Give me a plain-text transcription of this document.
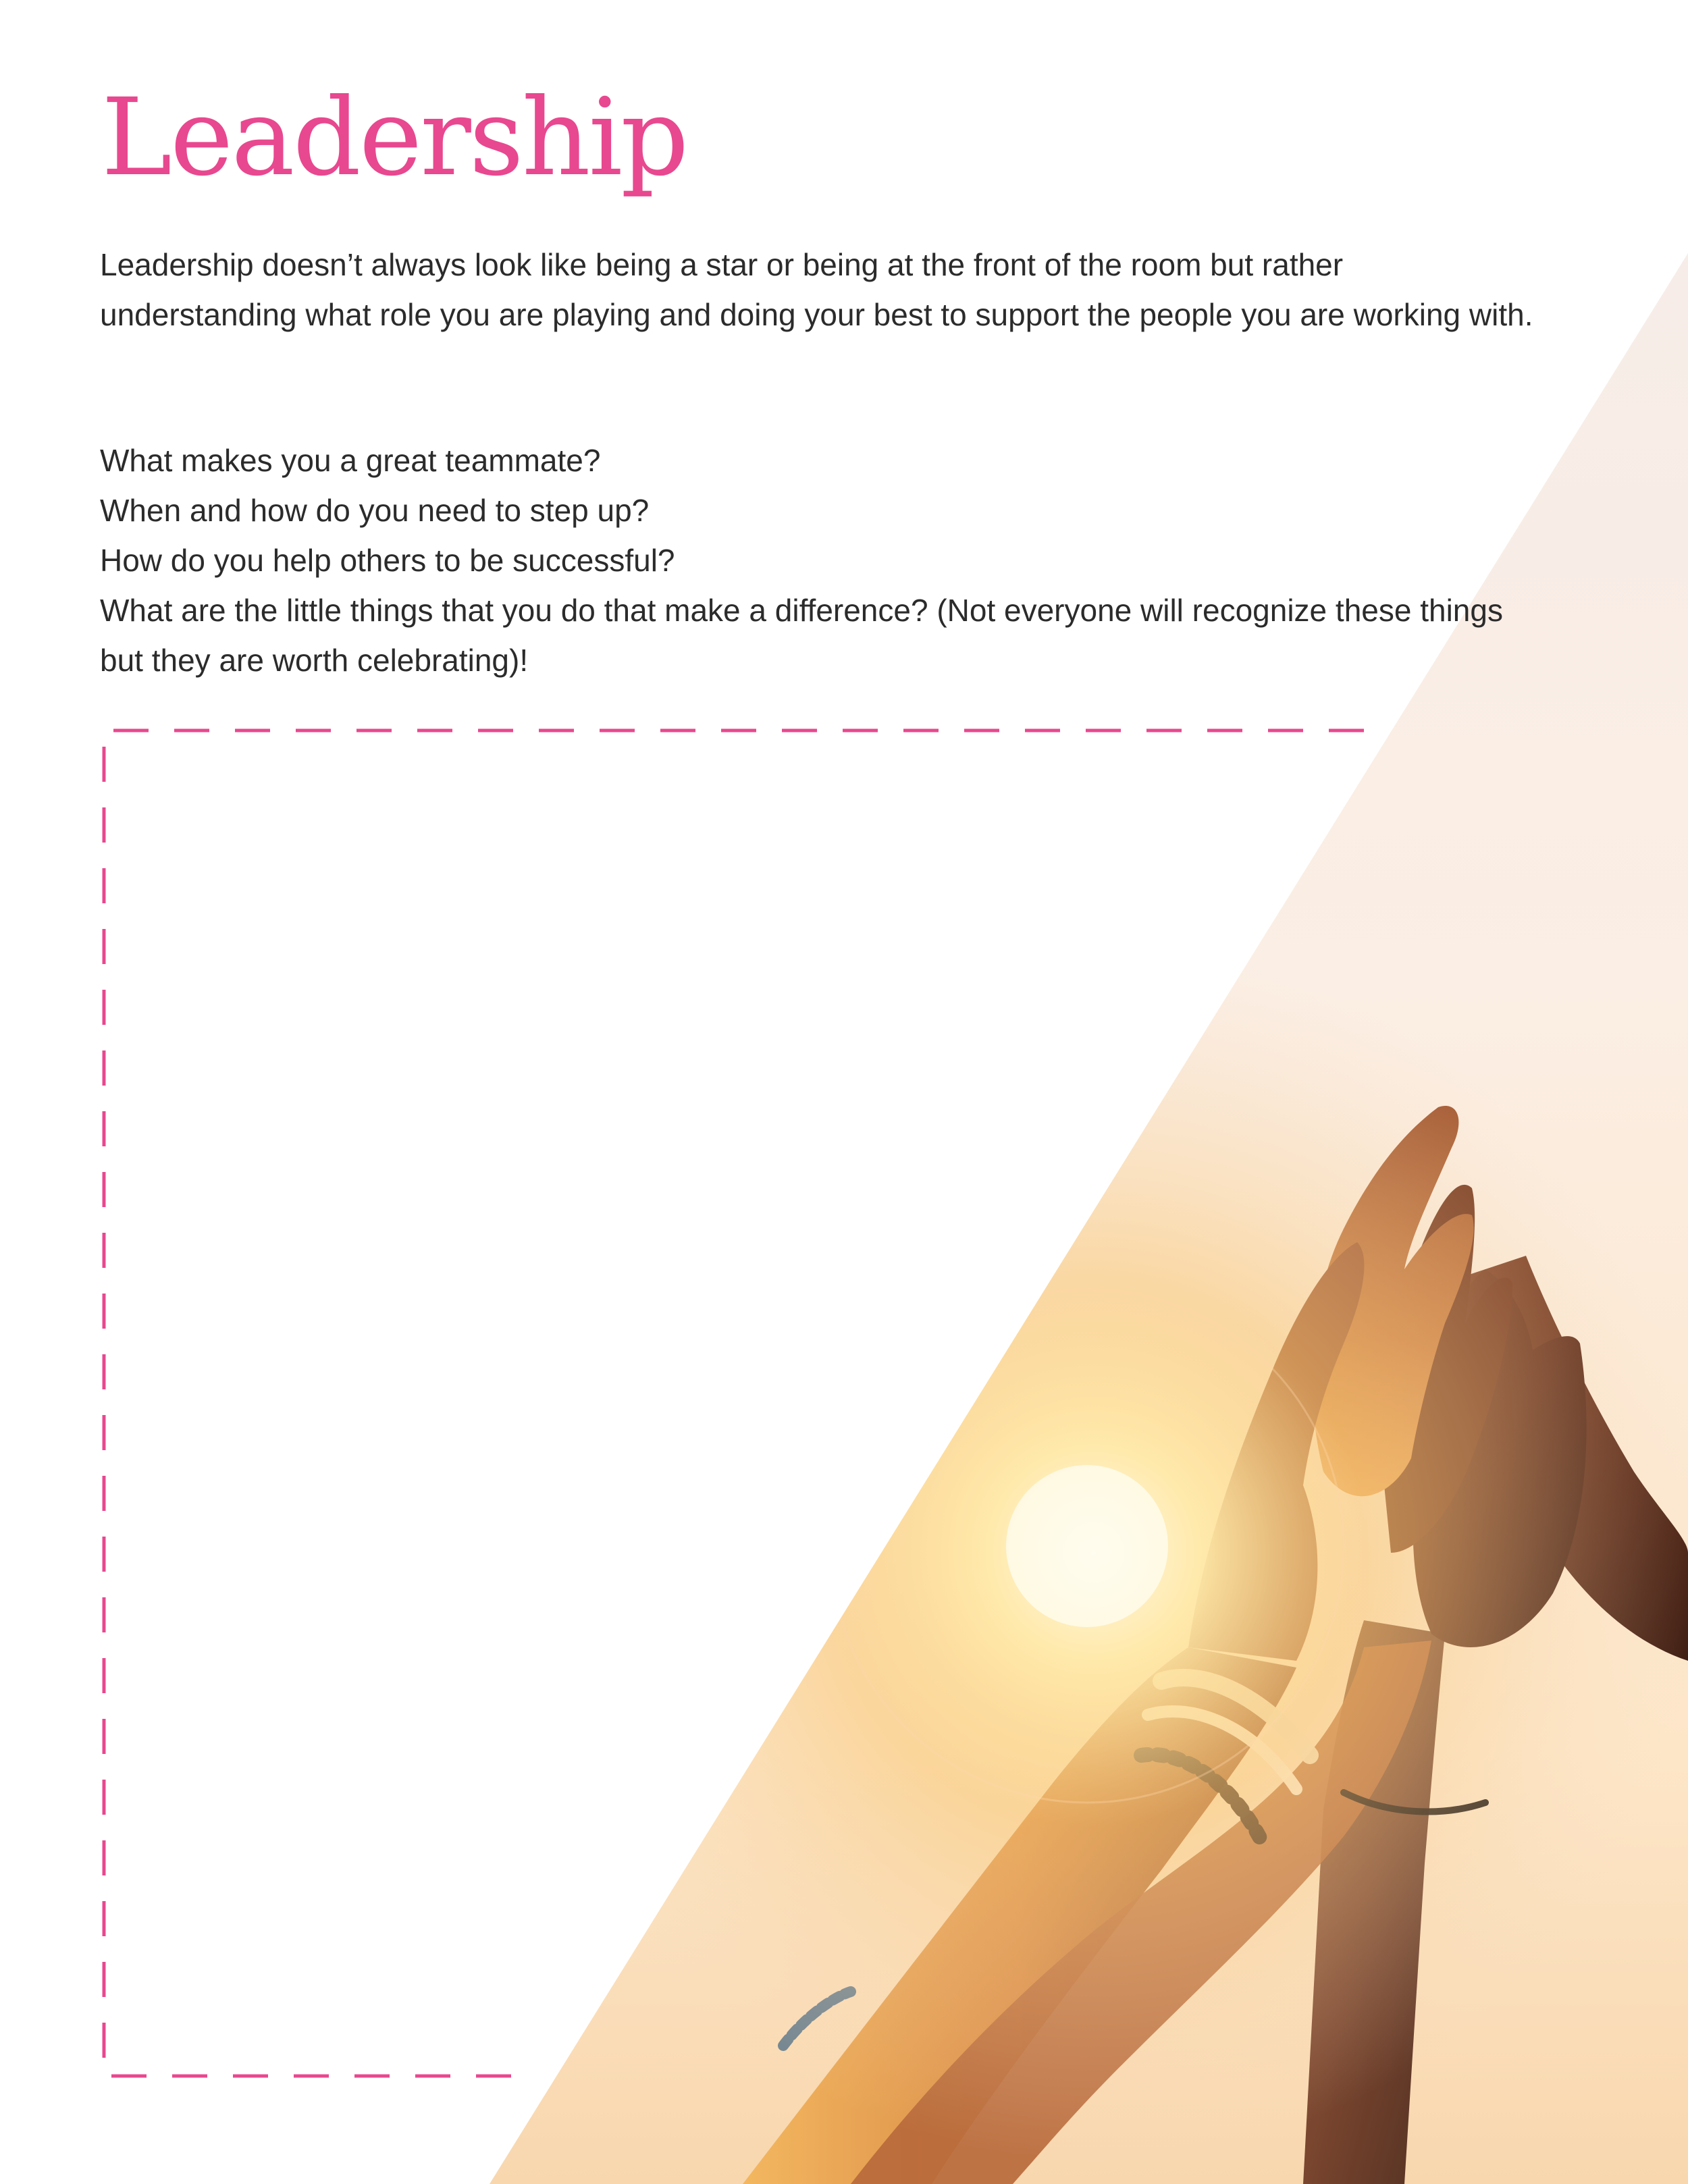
Leadership

Leadership doesn’t always look like being a star or being at the front of the room but rather understanding what role you are playing and doing your best to support the people you are working with.

What makes you a great teammate?
When and how do you need to step up?
How do you help others to be successful?
What are the little things that you do that make a difference? (Not everyone will recognize these things but they are worth celebrating)!
